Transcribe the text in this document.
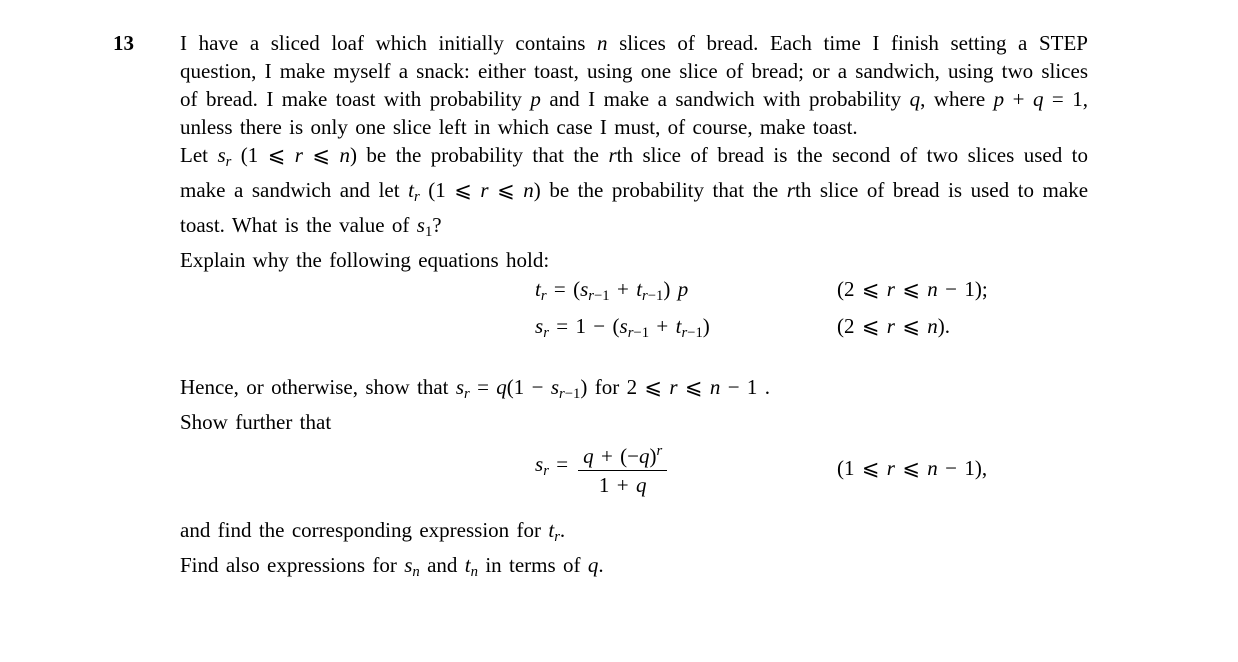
13 I have a sliced loaf which initially contains n slices of bread. Each time I finish setting a STEP question, I make myself a snack: either toast, using one slice of bread; or a sandwich, using two slices of bread. I make toast with probability p and I make a sandwich with probability q, where p + q = 1, unless there is only one slice left in which case I must, of course, make toast.

Let sr (1 ⩽ r ⩽ n) be the probability that the rth slice of bread is the second of two slices used to make a sandwich and let tr (1 ⩽ r ⩽ n) be the probability that the rth slice of bread is used to make toast. What is the value of s1?

Explain why the following equations hold:

tr = (sr−1 + tr−1) p	(2 ⩽ r ⩽ n − 1);
sr = 1 − (sr−1 + tr−1)	(2 ⩽ r ⩽ n).

Hence, or otherwise, show that sr = q(1 − sr−1) for 2 ⩽ r ⩽ n − 1 .

Show further that

sr = $\frac{q + (-q)^r}{1 + q}$	(1 ⩽ r ⩽ n − 1),

and find the corresponding expression for tr.

Find also expressions for sn and tn in terms of q.
